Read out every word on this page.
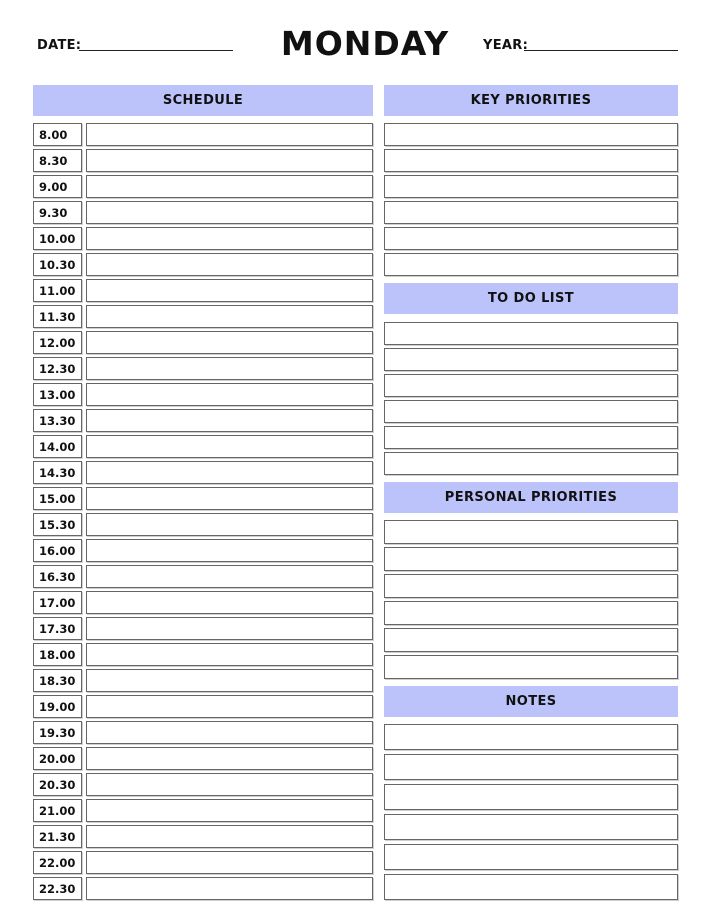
DATE:	MONDAY	YEAR:
SCHEDULE	KEY PRIORITIES
TO DO LIST
PERSONAL PRIORITIES
NOTES
8.00
8.30
9.00
9.30
10.00
10.30
11.00
11.30
12.00
12.30
13.00
13.30
14.00
14.30
15.00
15.30
16.00
16.30
17.00
17.30
18.00
18.30
19.00
19.30
20.00
20.30
21.00
21.30
22.00
22.30
